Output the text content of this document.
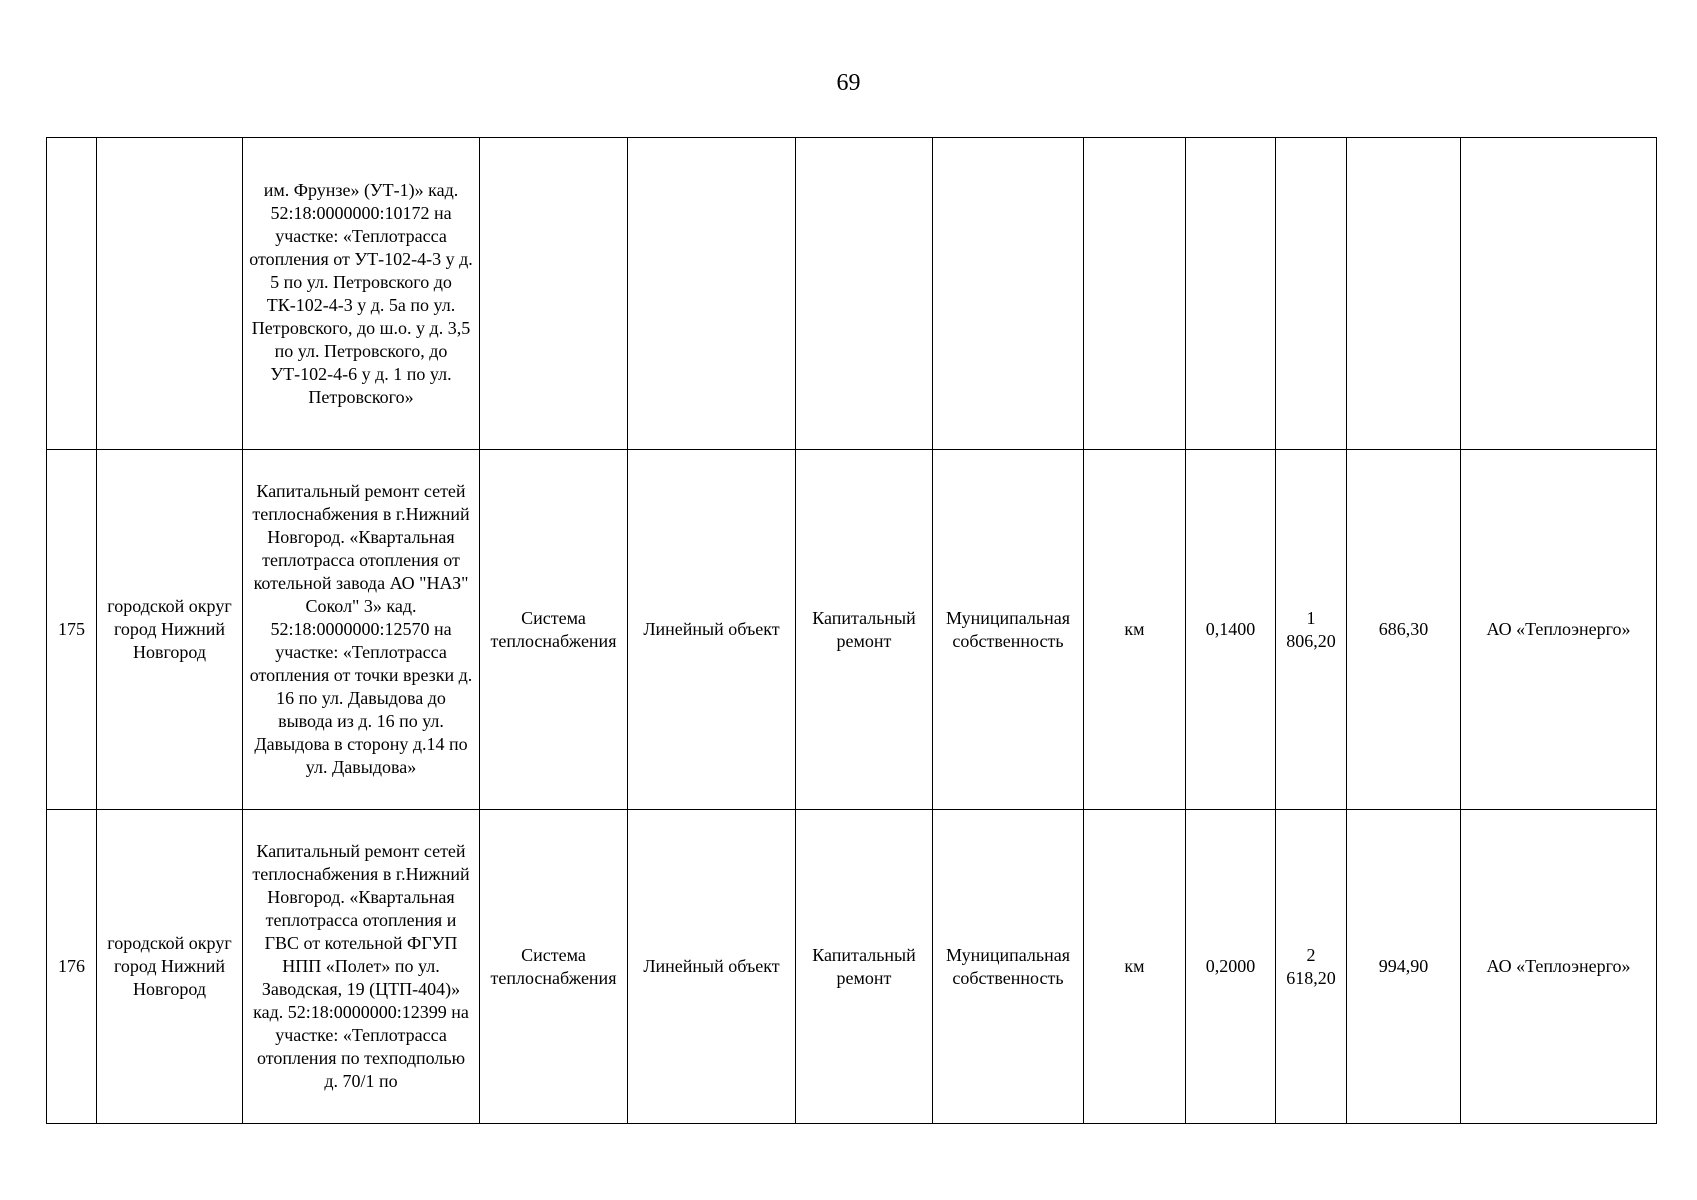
69
		им. Фрунзе» (УТ-1)» кад. 52:18:0000000:10172 на участке: «Теплотрасса отопления от УТ-102-4-3 у д. 5 по ул. Петровского до ТК-102-4-3 у д. 5а по ул. Петровского, до ш.о. у д. 3,5 по ул. Петровского, до УТ-102-4-6 у д. 1 по ул. Петровского»									
175	городской округ город Нижний Новгород	Капитальный ремонт сетей теплоснабжения в г.Нижний Новгород. «Квартальная теплотрасса отопления от котельной завода АО "НАЗ" Сокол" 3» кад. 52:18:0000000:12570 на участке: «Теплотрасса отопления от точки врезки д. 16 по ул. Давыдова до вывода из д. 16 по ул. Давыдова в сторону д.14 по ул. Давыдова»	Система теплоснабжения	Линейный объект	Капитальный ремонт	Муниципальная собственность	км	0,1400	1 806,20	686,30	АО «Теплоэнерго»
176	городской округ город Нижний Новгород	Капитальный ремонт сетей теплоснабжения в г.Нижний Новгород. «Квартальная теплотрасса отопления и ГВС от котельной ФГУП НПП «Полет» по ул. Заводская, 19 (ЦТП-404)» кад. 52:18:0000000:12399 на участке: «Теплотрасса отопления по техподполью д. 70/1 по	Система теплоснабжения	Линейный объект	Капитальный ремонт	Муниципальная собственность	км	0,2000	2 618,20	994,90	АО «Теплоэнерго»
